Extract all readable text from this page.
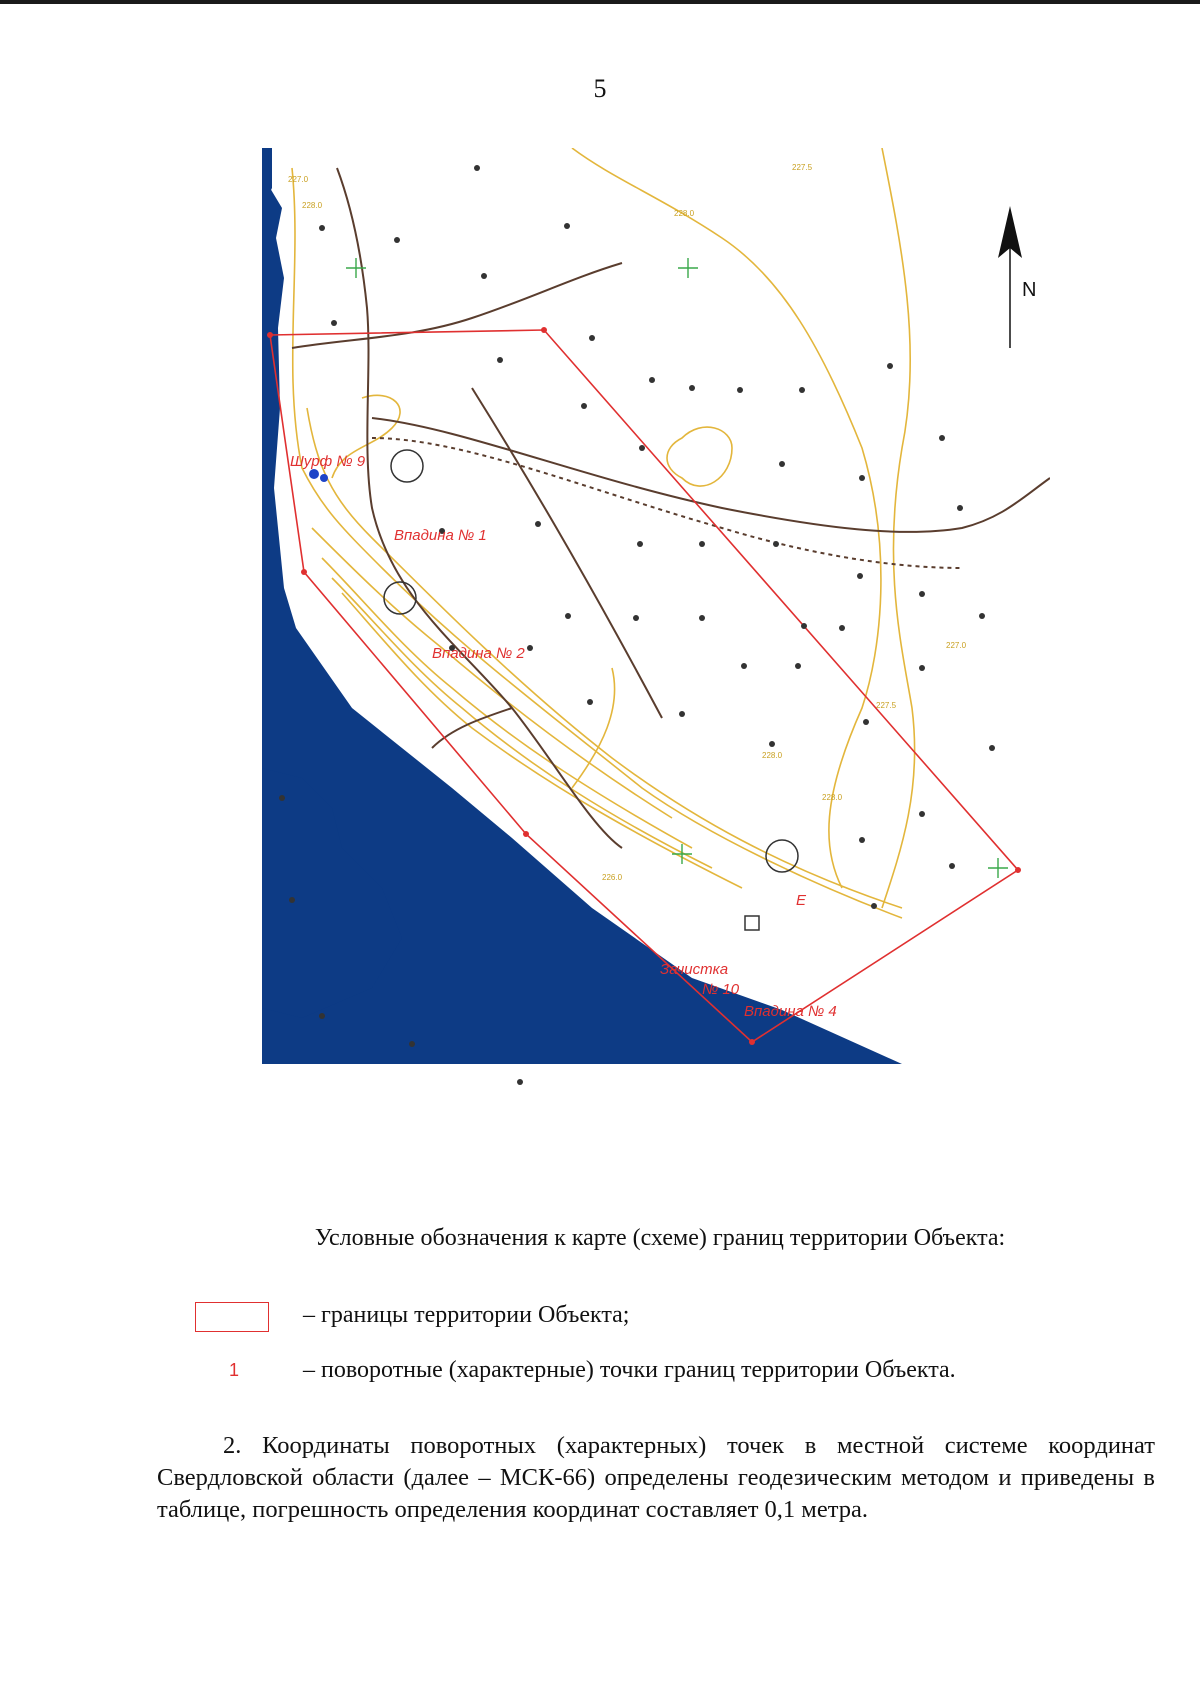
5
N
Шурф № 9
Впадина № 1
Впадина № 2
Впадина № 4
Зачистка
№ 10
Е
227.0
228.0
228.0
227.5
226.0
227.5
228.0
227.0
228.0
Условные обозначения к карте (схеме) границ территории Объекта:
– границы территории Объекта;
1	– поворотные (характерные) точки границ территории Объекта.
2. Координаты поворотных (характерных) точек в местной системе координат Свердловской области (далее – МСК-66) определены геодезическим методом и приведены в таблице, погрешность определения координат составляет 0,1 метра.
